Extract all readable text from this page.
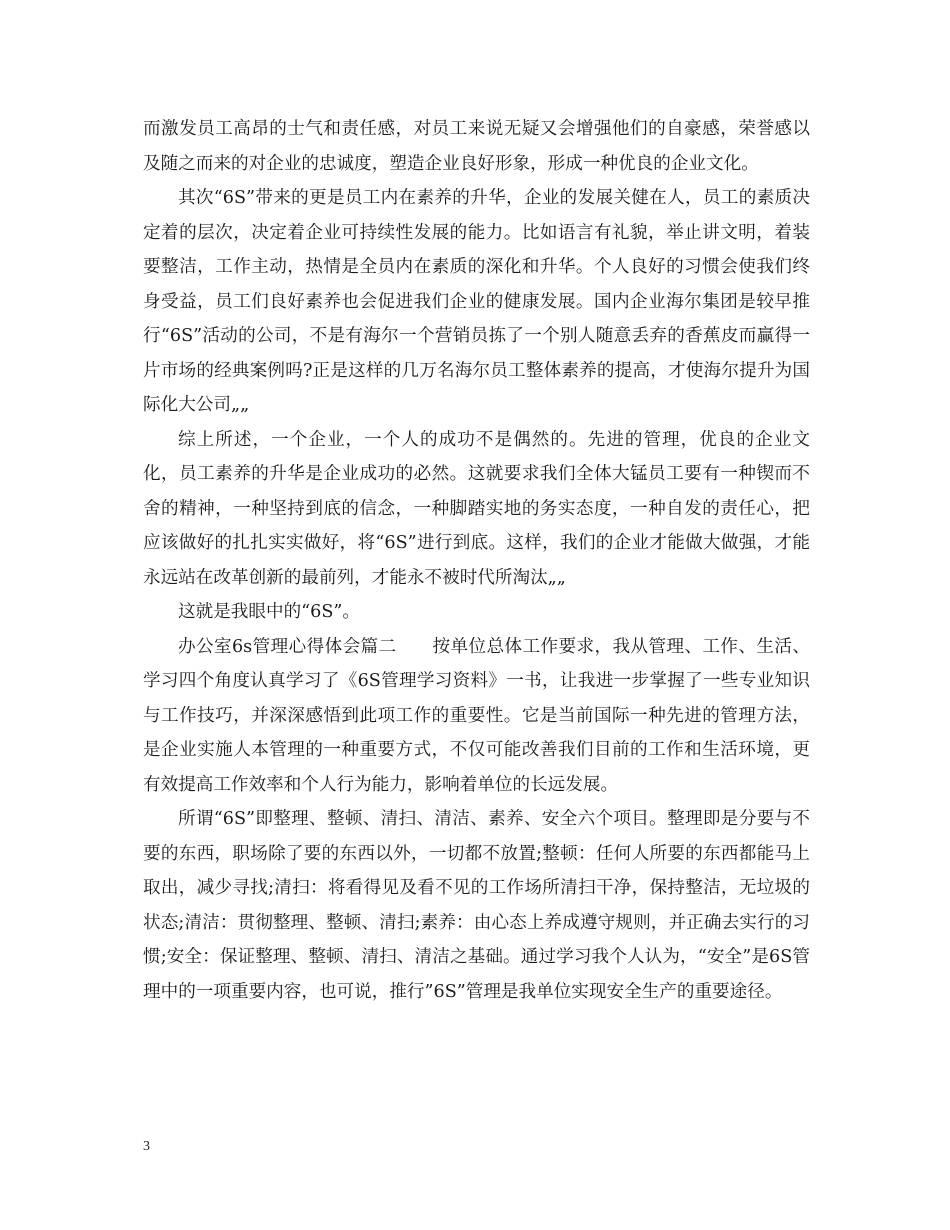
而激发员工高昂的士气和责任感，对员工来说无疑又会增强他们的自豪感，荣誉感以及随之而来的对企业的忠诚度，塑造企业良好形象，形成一种优良的企业文化。

其次“6S”带来的更是员工内在素养的升华，企业的发展关健在人，员工的素质决定着的层次，决定着企业可持续性发展的能力。比如语言有礼貌，举止讲文明，着装要整洁，工作主动，热情是全员内在素质的深化和升华。个人良好的习惯会使我们终身受益，员工们良好素养也会促进我们企业的健康发展。国内企业海尔集团是较早推行“6S”活动的公司，不是有海尔一个营销员拣了一个别人随意丢弃的香蕉皮而赢得一片市场的经典案例吗?正是这样的几万名海尔员工整体素养的提高，才使海尔提升为国际化大公司„„

综上所述，一个企业，一个人的成功不是偶然的。先进的管理，优良的企业文化，员工素养的升华是企业成功的必然。这就要求我们全体大锰员工要有一种锲而不舍的精神，一种坚持到底的信念，一种脚踏实地的务实态度，一种自发的责任心，把应该做好的扎扎实实做好，将“6S”进行到底。这样，我们的企业才能做大做强，才能永远站在改革创新的最前列，才能永不被时代所淘汰„„

这就是我眼中的“6S”。

办公室6s管理心得体会篇二　　按单位总体工作要求，我从管理、工作、生活、学习四个角度认真学习了《6S管理学习资料》一书，让我进一步掌握了一些专业知识与工作技巧，并深深感悟到此项工作的重要性。它是当前国际一种先进的管理方法，是企业实施人本管理的一种重要方式，不仅可能改善我们目前的工作和生活环境，更有效提高工作效率和个人行为能力，影响着单位的长远发展。

所谓“6S”即整理、整顿、清扫、清洁、素养、安全六个项目。整理即是分要与不要的东西，职场除了要的东西以外，一切都不放置;整顿：任何人所要的东西都能马上取出，减少寻找;清扫：将看得见及看不见的工作场所清扫干净，保持整洁，无垃圾的状态;清洁：贯彻整理、整顿、清扫;素养：由心态上养成遵守规则，并正确去实行的习惯;安全：保证整理、整顿、清扫、清洁之基础。通过学习我个人认为，“安全”是6S管理中的一项重要内容，也可说，推行”6S”管理是我单位实现安全生产的重要途径。

3
